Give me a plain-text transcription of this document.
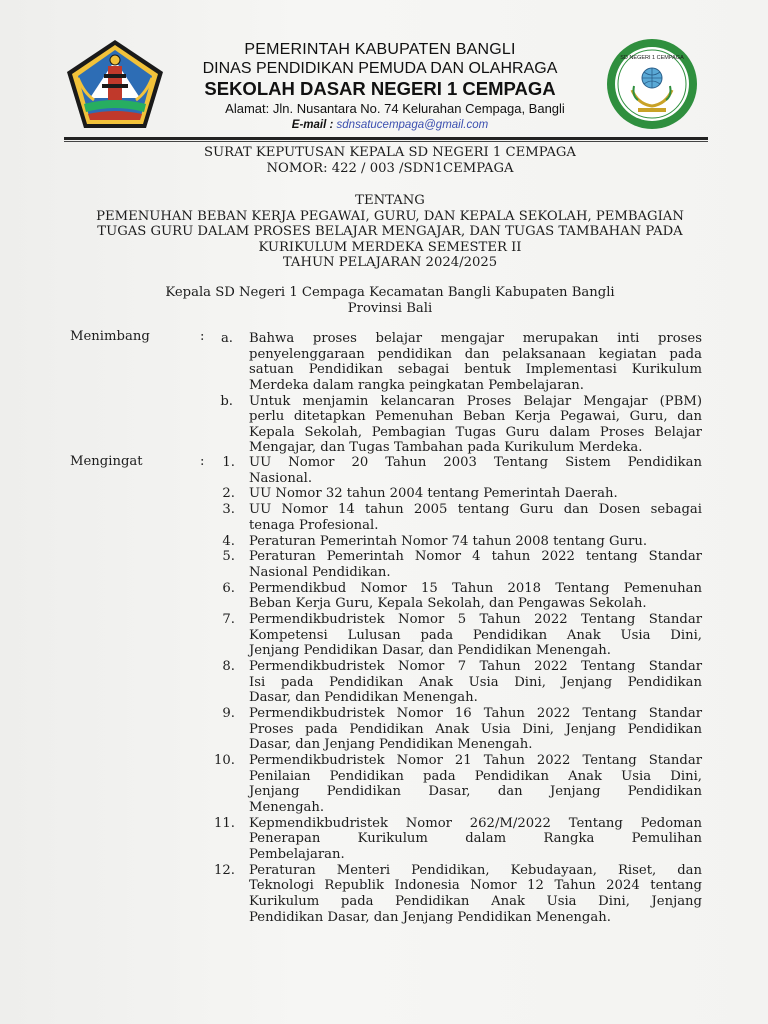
PEMERINTAH KABUPATEN BANGLI
DINAS PENDIDIKAN PEMUDA DAN OLAHRAGA
SEKOLAH DASAR NEGERI 1 CEMPAGA
Alamat: Jln. Nusantara No. 74 Kelurahan Cempaga, Bangli
E-mail : sdnsatucempaga@gmail.com
SD NEGERI 1 CEMPAGA
SURAT KEPUTUSAN KEPALA SD NEGERI 1 CEMPAGA
NOMOR: 422 / 003 /SDN1CEMPAGA
TENTANG
PEMENUHAN BEBAN KERJA PEGAWAI, GURU, DAN KEPALA SEKOLAH, PEMBAGIAN
TUGAS GURU DALAM PROSES BELAJAR MENGAJAR, DAN TUGAS TAMBAHAN PADA
KURIKULUM MERDEKA SEMESTER II
TAHUN PELAJARAN 2024/2025
Kepala SD Negeri 1 Cempaga Kecamatan Bangli Kabupaten Bangli
Provinsi Bali
Menimbang	:	a. Bahwa proses belajar mengajar merupakan inti proses
penyelenggaraan pendidikan dan pelaksanaan kegiatan pada
satuan Pendidikan sebagai bentuk Implementasi Kurikulum
Merdeka dalam rangka peingkatan Pembelajaran.
b. Untuk menjamin kelancaran Proses Belajar Mengajar (PBM)
perlu ditetapkan Pemenuhan Beban Kerja Pegawai, Guru, dan
Kepala Sekolah, Pembagian Tugas Guru dalam Proses Belajar
Mengajar, dan Tugas Tambahan pada Kurikulum Merdeka.
Mengingat	:	1. UU Nomor 20 Tahun 2003 Tentang Sistem Pendidikan
Nasional.
2. UU Nomor 32 tahun 2004 tentang Pemerintah Daerah.
3. UU Nomor 14 tahun 2005 tentang Guru dan Dosen sebagai
tenaga Profesional.
4. Peraturan Pemerintah Nomor 74 tahun 2008 tentang Guru.
5. Peraturan Pemerintah Nomor 4 tahun 2022 tentang Standar
Nasional Pendidikan.
6. Permendikbud Nomor 15 Tahun 2018 Tentang Pemenuhan
Beban Kerja Guru, Kepala Sekolah, dan Pengawas Sekolah.
7. Permendikbudristek Nomor 5 Tahun 2022 Tentang Standar
Kompetensi Lulusan pada Pendidikan Anak Usia Dini,
Jenjang Pendidikan Dasar, dan Pendidikan Menengah.
8. Permendikbudristek Nomor 7 Tahun 2022 Tentang Standar
Isi pada Pendidikan Anak Usia Dini, Jenjang Pendidikan
Dasar, dan Pendidikan Menengah.
9. Permendikbudristek Nomor 16 Tahun 2022 Tentang Standar
Proses pada Pendidikan Anak Usia Dini, Jenjang Pendidikan
Dasar, dan Jenjang Pendidikan Menengah.
10. Permendikbudristek Nomor 21 Tahun 2022 Tentang Standar
Penilaian Pendidikan pada Pendidikan Anak Usia Dini,
Jenjang Pendidikan Dasar, dan Jenjang Pendidikan
Menengah.
11. Kepmendikbudristek Nomor 262/M/2022 Tentang Pedoman
Penerapan Kurikulum dalam Rangka Pemulihan
Pembelajaran.
12. Peraturan Menteri Pendidikan, Kebudayaan, Riset, dan
Teknologi Republik Indonesia Nomor 12 Tahun 2024 tentang
Kurikulum pada Pendidikan Anak Usia Dini, Jenjang
Pendidikan Dasar, dan Jenjang Pendidikan Menengah.
